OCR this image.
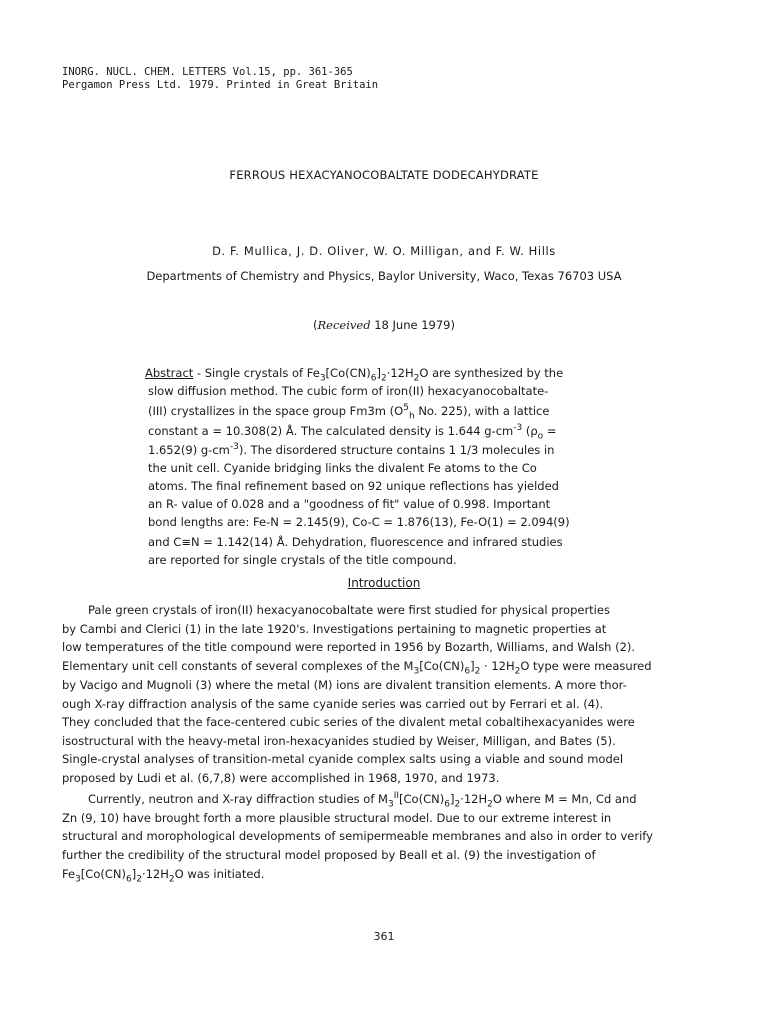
INORG. NUCL. CHEM. LETTERS Vol.15, pp. 361-365
Pergamon Press Ltd. 1979. Printed in Great Britain
FERROUS HEXACYANOCOBALTATE DODECAHYDRATE
D. F. Mullica, J. D. Oliver, W. O. Milligan, and F. W. Hills
Departments of Chemistry and Physics, Baylor University, Waco, Texas 76703 USA
(Received 18 June 1979)
Abstract - Single crystals of $Fe_3[Co(CN)_6]_2\cdot 12H_2O$ are synthesized by the
slow diffusion method. The cubic form of iron(II) hexacyanocobaltate-
(III) crystallizes in the space group Fm3m ($O^5_h$ No. 225), with a lattice
constant a = 10.308(2) Å. The calculated density is 1.644 $g-cm^{-3}$ ($\rho_o$ =
1.652(9) $g-cm^{-3}$). The disordered structure contains 1 1/3 molecules in
the unit cell. Cyanide bridging links the divalent Fe atoms to the Co
atoms. The final refinement based on 92 unique reflections has yielded
an R- value of 0.028 and a "goodness of fit" value of 0.998. Important
bond lengths are: Fe-N = 2.145(9), Co-C = 1.876(13), Fe-O(1) = 2.094(9)
and C≡N = 1.142(14) Å. Dehydration, fluorescence and infrared studies
are reported for single crystals of the title compound.
Introduction
Pale green crystals of iron(II) hexacyanocobaltate were first studied for physical properties
by Cambi and Clerici (1) in the late 1920's. Investigations pertaining to magnetic properties at
low temperatures of the title compound were reported in 1956 by Bozarth, Williams, and Walsh (2).
Elementary unit cell constants of several complexes of the $M_3[Co(CN)_6]_2 \cdot 12H_2O$ type were measured
by Vacigo and Mugnoli (3) where the metal (M) ions are divalent transition elements. A more thor-
ough X-ray diffraction analysis of the same cyanide series was carried out by Ferrari et al. (4).
They concluded that the face-centered cubic series of the divalent metal cobaltihexacyanides were
isostructural with the heavy-metal iron-hexacyanides studied by Weiser, Milligan, and Bates (5).
Single-crystal analyses of transition-metal cyanide complex salts using a viable and sound model
proposed by Ludi et al. (6,7,8) were accomplished in 1968, 1970, and 1973.
Currently, neutron and X-ray diffraction studies of $M_3^{II}[Co(CN)_6]_2\cdot 12H_2O$ where M = Mn, Cd and
Zn (9, 10) have brought forth a more plausible structural model. Due to our extreme interest in
structural and morophological developments of semipermeable membranes and also in order to verify
further the credibility of the structural model proposed by Beall et al. (9) the investigation of
$Fe_3[Co(CN)_6]_2\cdot 12H_2O$ was initiated.
361
